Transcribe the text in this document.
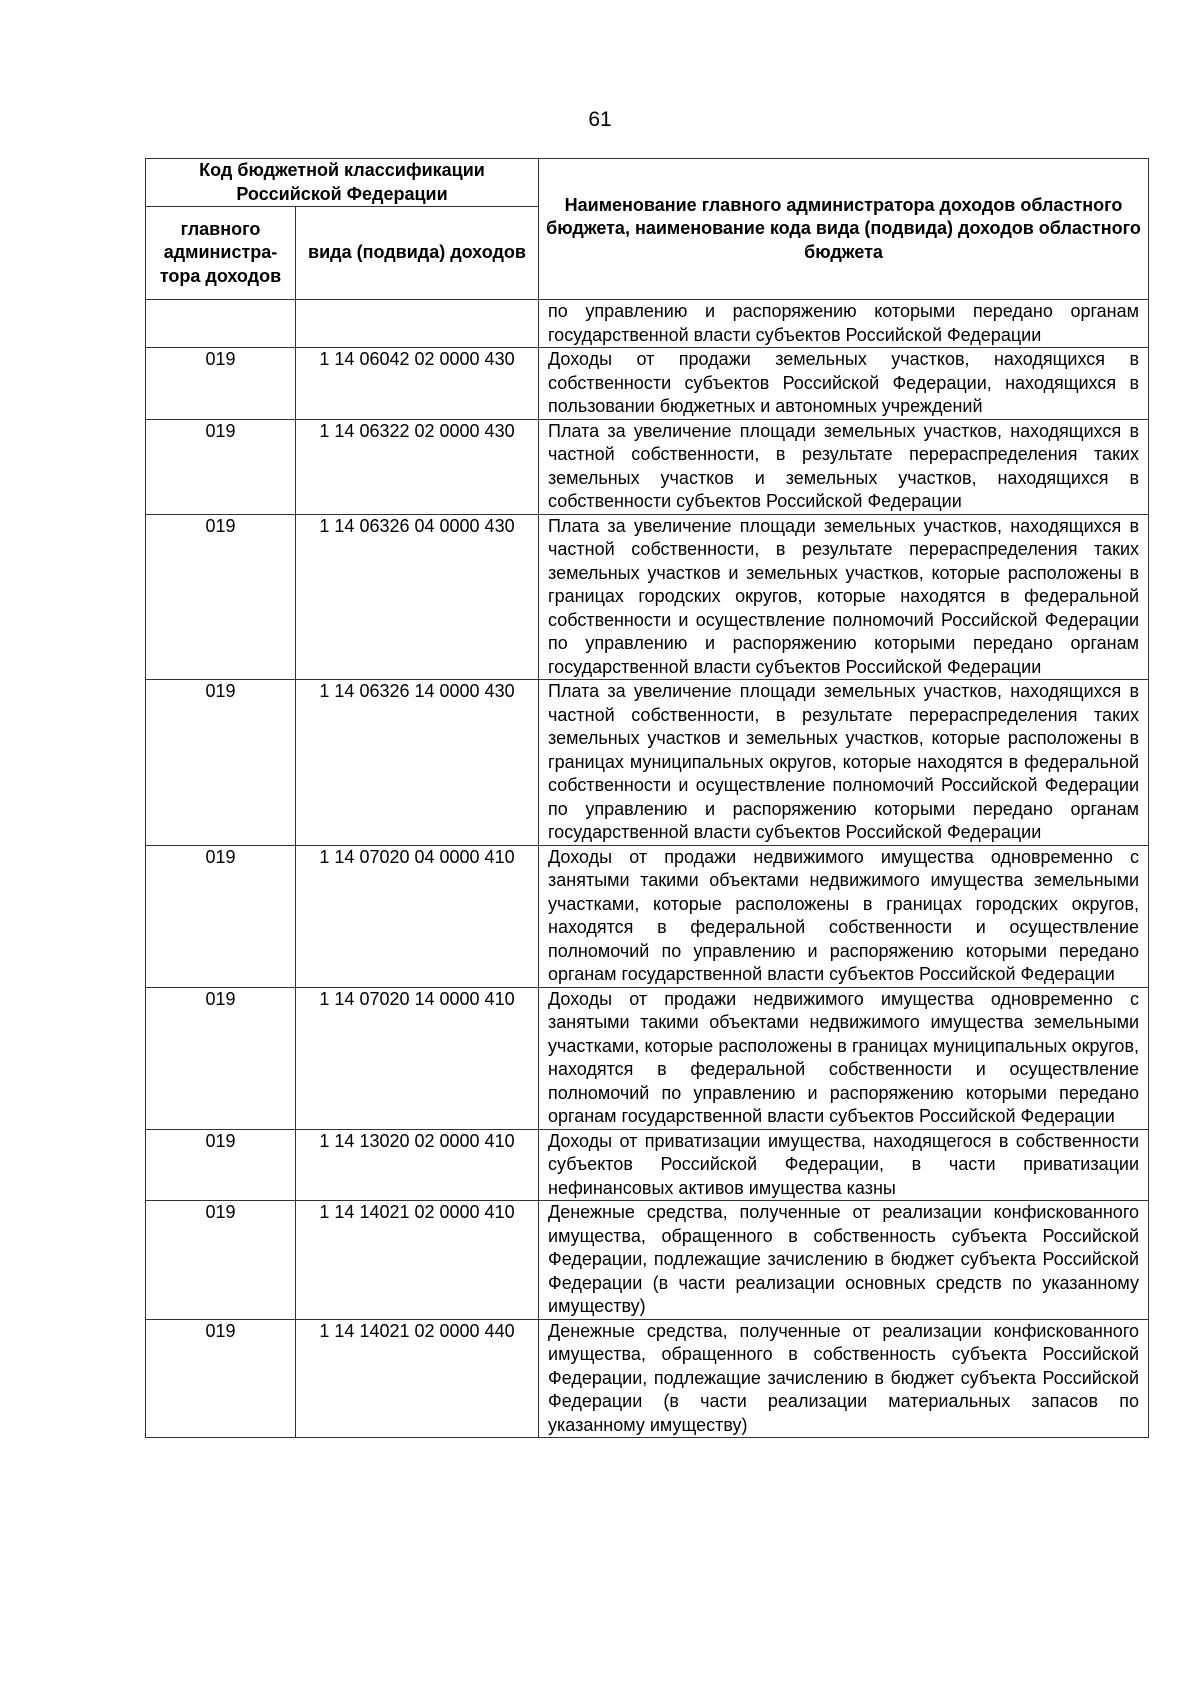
61
Код бюджетной классификации Российской Федерации		Наименование главного администратора доходов областного бюджета, наименование кода вида (подвида) доходов областного бюджета
главного администра-тора доходов	вида (подвида) доходов	
		по управлению и распоряжению которыми передано органам государственной власти субъектов Российской Федерации
019	1 14 06042 02 0000 430	Доходы от продажи земельных участков, находящихся в собственности субъектов Российской Федерации, находящихся в пользовании бюджетных и автономных учреждений
019	1 14 06322 02 0000 430	Плата за увеличение площади земельных участков, находящихся в частной собственности, в результате перераспределения таких земельных участков и земельных участков, находящихся в собственности субъектов Российской Федерации
019	1 14 06326 04 0000 430	Плата за увеличение площади земельных участков, находящихся в частной собственности, в результате перераспределения таких земельных участков и земельных участков, которые расположены в границах городских округов, которые находятся в федеральной собственности и осуществление полномочий Российской Федерации по управлению и распоряжению которыми передано органам государственной власти субъектов Российской Федерации
019	1 14 06326 14 0000 430	Плата за увеличение площади земельных участков, находящихся в частной собственности, в результате перераспределения таких земельных участков и земельных участков, которые расположены в границах муниципальных округов, которые находятся в федеральной собственности и осуществление полномочий Российской Федерации по управлению и распоряжению которыми передано органам государственной власти субъектов Российской Федерации
019	1 14 07020 04 0000 410	Доходы от продажи недвижимого имущества одновременно с занятыми такими объектами недвижимого имущества земельными участками, которые расположены в границах городских округов, находятся в федеральной собственности и осуществление полномочий по управлению и распоряжению которыми передано органам государственной власти субъектов Российской Федерации
019	1 14 07020 14 0000 410	Доходы от продажи недвижимого имущества одновременно с занятыми такими объектами недвижимого имущества земельными участками, которые расположены в границах муниципальных округов, находятся в федеральной собственности и осуществление полномочий по управлению и распоряжению которыми передано органам государственной власти субъектов Российской Федерации
019	1 14 13020 02 0000 410	Доходы от приватизации имущества, находящегося в собственности субъектов Российской Федерации, в части приватизации нефинансовых активов имущества казны
019	1 14 14021 02 0000 410	Денежные средства, полученные от реализации конфискованного имущества, обращенного в собственность субъекта Российской Федерации, подлежащие зачислению в бюджет субъекта Российской Федерации (в части реализации основных средств по указанному имуществу)
019	1 14 14021 02 0000 440	Денежные средства, полученные от реализации конфискованного имущества, обращенного в собственность субъекта Российской Федерации, подлежащие зачислению в бюджет субъекта Российской Федерации (в части реализации материальных запасов по указанному имуществу)
